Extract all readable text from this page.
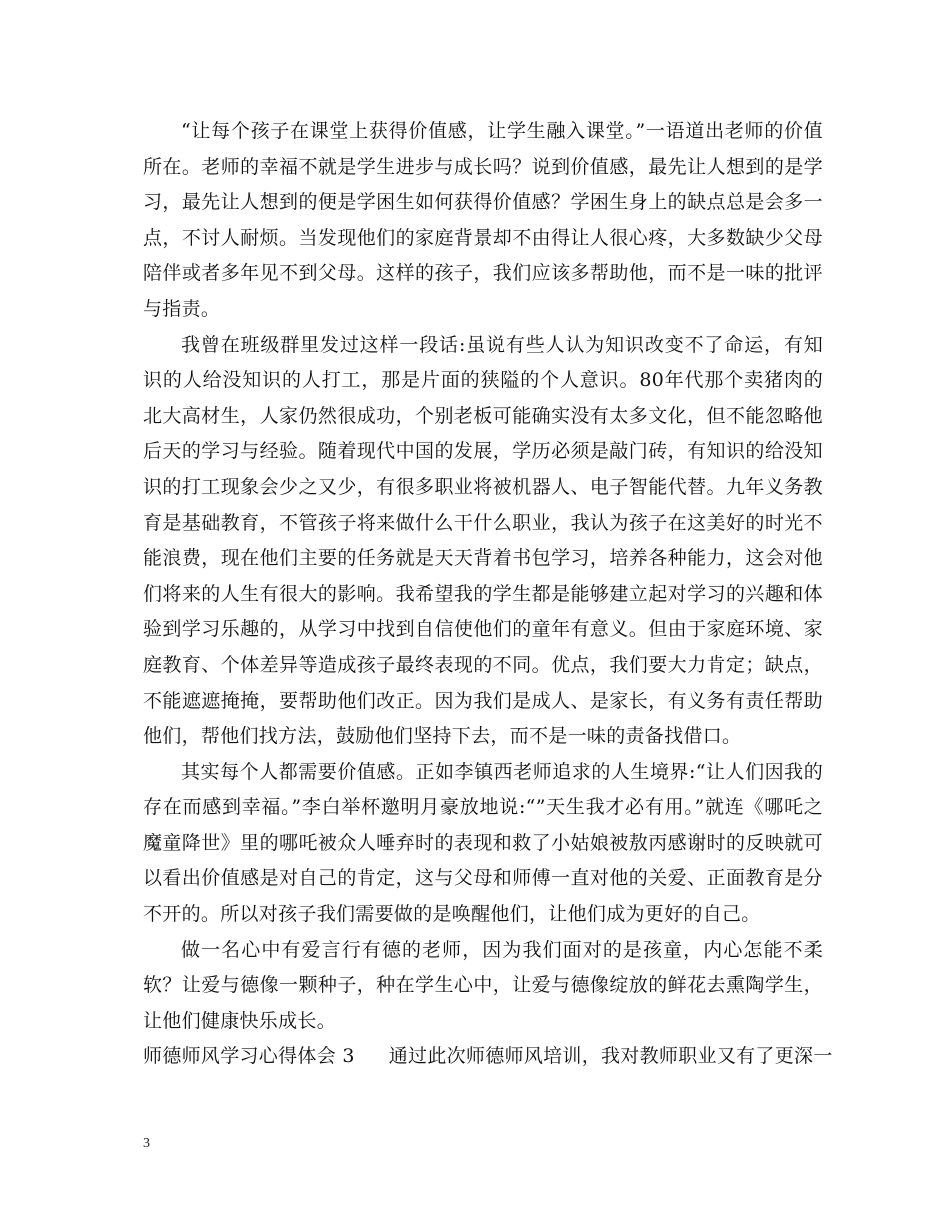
“让每个孩子在课堂上获得价值感，让学生融入课堂。”一语道出老师的价值所在。老师的幸福不就是学生进步与成长吗？说到价值感，最先让人想到的是学习，最先让人想到的便是学困生如何获得价值感？学困生身上的缺点总是会多一点，不讨人耐烦。当发现他们的家庭背景却不由得让人很心疼，大多数缺少父母陪伴或者多年见不到父母。这样的孩子，我们应该多帮助他，而不是一味的批评与指责。

我曾在班级群里发过这样一段话:虽说有些人认为知识改变不了命运，有知识的人给没知识的人打工，那是片面的狭隘的个人意识。80年代那个卖猪肉的北大高材生，人家仍然很成功，个别老板可能确实没有太多文化，但不能忽略他后天的学习与经验。随着现代中国的发展，学历必须是敲门砖，有知识的给没知识的打工现象会少之又少，有很多职业将被机器人、电子智能代替。九年义务教育是基础教育，不管孩子将来做什么干什么职业，我认为孩子在这美好的时光不能浪费，现在他们主要的任务就是天天背着书包学习，培养各种能力，这会对他们将来的人生有很大的影响。我希望我的学生都是能够建立起对学习的兴趣和体验到学习乐趣的，从学习中找到自信使他们的童年有意义。但由于家庭环境、家庭教育、个体差异等造成孩子最终表现的不同。优点，我们要大力肯定；缺点，不能遮遮掩掩，要帮助他们改正。因为我们是成人、是家长，有义务有责任帮助他们，帮他们找方法，鼓励他们坚持下去，而不是一味的责备找借口。

其实每个人都需要价值感。正如李镇西老师追求的人生境界:“让人们因我的存在而感到幸福。”李白举杯邀明月豪放地说:“”天生我才必有用。”就连《哪吒之魔童降世》里的哪吒被众人唾弃时的表现和救了小姑娘被敖丙感谢时的反映就可以看出价值感是对自己的肯定，这与父母和师傅一直对他的关爱、正面教育是分不开的。所以对孩子我们需要做的是唤醒他们，让他们成为更好的自己。

做一名心中有爱言行有德的老师，因为我们面对的是孩童，内心怎能不柔软？让爱与德像一颗种子，种在学生心中，让爱与德像绽放的鲜花去熏陶学生，让他们健康快乐成长。

师德师风学习心得体会 3 通过此次师德师风培训，我对教师职业又有了更深一

3
